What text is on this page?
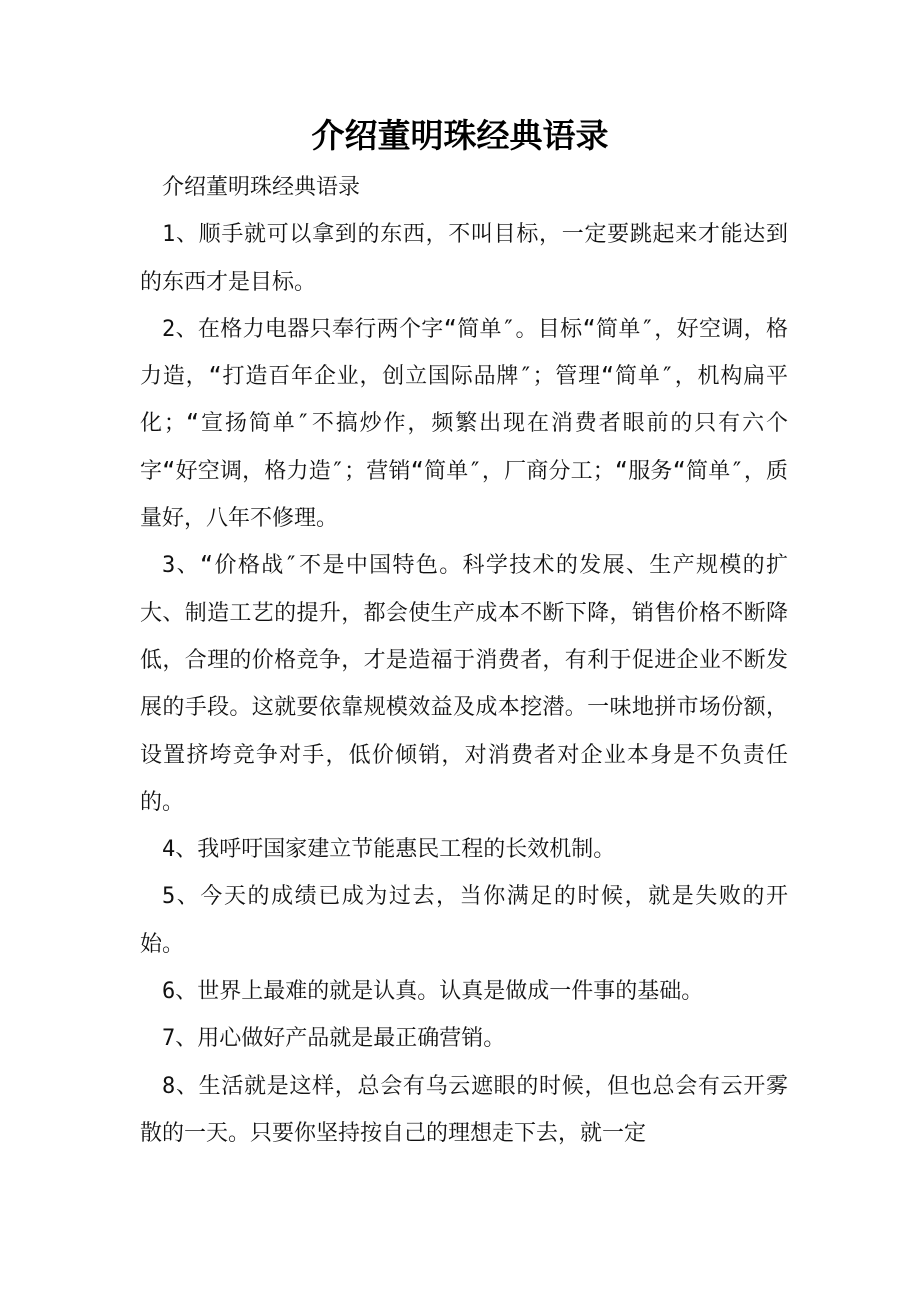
介绍董明珠经典语录

介绍董明珠经典语录

1、顺手就可以拿到的东西，不叫目标，一定要跳起来才能达到的东西才是目标。

2、在格力电器只奉行两个字“简单″。目标“简单″，好空调，格力造，“打造百年企业，创立国际品牌″；管理“简单″，机构扁平化；“宣扬简单″不搞炒作，频繁出现在消费者眼前的只有六个字“好空调，格力造″；营销“简单″，厂商分工；“服务“简单″，质量好，八年不修理。

3、“价格战″不是中国特色。科学技术的发展、生产规模的扩大、制造工艺的提升，都会使生产成本不断下降，销售价格不断降低，合理的价格竞争，才是造福于消费者，有利于促进企业不断发展的手段。这就要依靠规模效益及成本挖潜。一味地拼市场份额，设置挤垮竞争对手，低价倾销，对消费者对企业本身是不负责任的。

4、我呼吁国家建立节能惠民工程的长效机制。

5、今天的成绩已成为过去，当你满足的时候，就是失败的开始。

6、世界上最难的就是认真。认真是做成一件事的基础。

7、用心做好产品就是最正确营销。

8、生活就是这样，总会有乌云遮眼的时候，但也总会有云开雾散的一天。只要你坚持按自己的理想走下去，就一定
